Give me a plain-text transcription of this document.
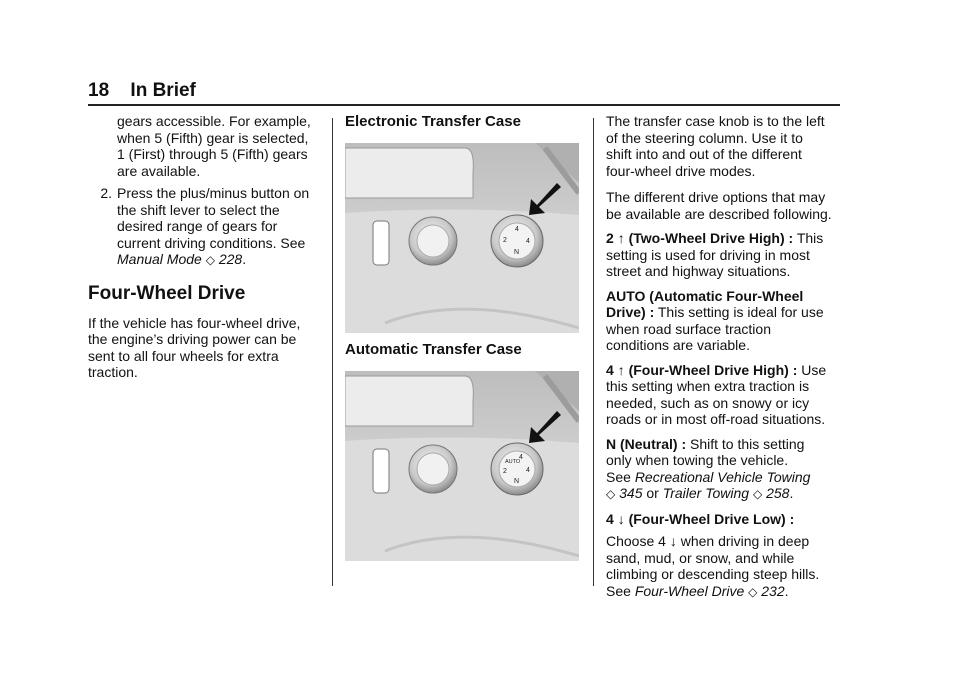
18 In Brief

gears accessible. For example,

when 5 (Fifth) gear is selected,

1 (First) through 5 (Fifth) gears

are available.

2. Press the plus/minus button on

the shift lever to select the

desired range of gears for

current driving conditions. See

Manual Mode ◇ 228.

Four-Wheel Drive

If the vehicle has four-wheel drive,

the engine’s driving power can be

sent to all four wheels for extra

traction.

Electronic Transfer Case
2
4
4
N
Automatic Transfer Case
AUTO
2
4
4
N

The transfer case knob is to the left

of the steering column. Use it to

shift into and out of the different

four-wheel drive modes.

The different drive options that may

be available are described following.

2 ↑ (Two-Wheel Drive High) : This

setting is used for driving in most

street and highway situations.

AUTO (Automatic Four-Wheel

Drive) : This setting is ideal for use

when road surface traction

conditions are variable.

4 ↑ (Four-Wheel Drive High) : Use

this setting when extra traction is

needed, such as on snowy or icy

roads or in most off-road situations.

N (Neutral) : Shift to this setting

only when towing the vehicle.

See Recreational Vehicle Towing

◇ 345 or Trailer Towing ◇ 258.

4 ↓ (Four-Wheel Drive Low) :

Choose 4 ↓ when driving in deep

sand, mud, or snow, and while

climbing or descending steep hills.

See Four-Wheel Drive ◇ 232.
